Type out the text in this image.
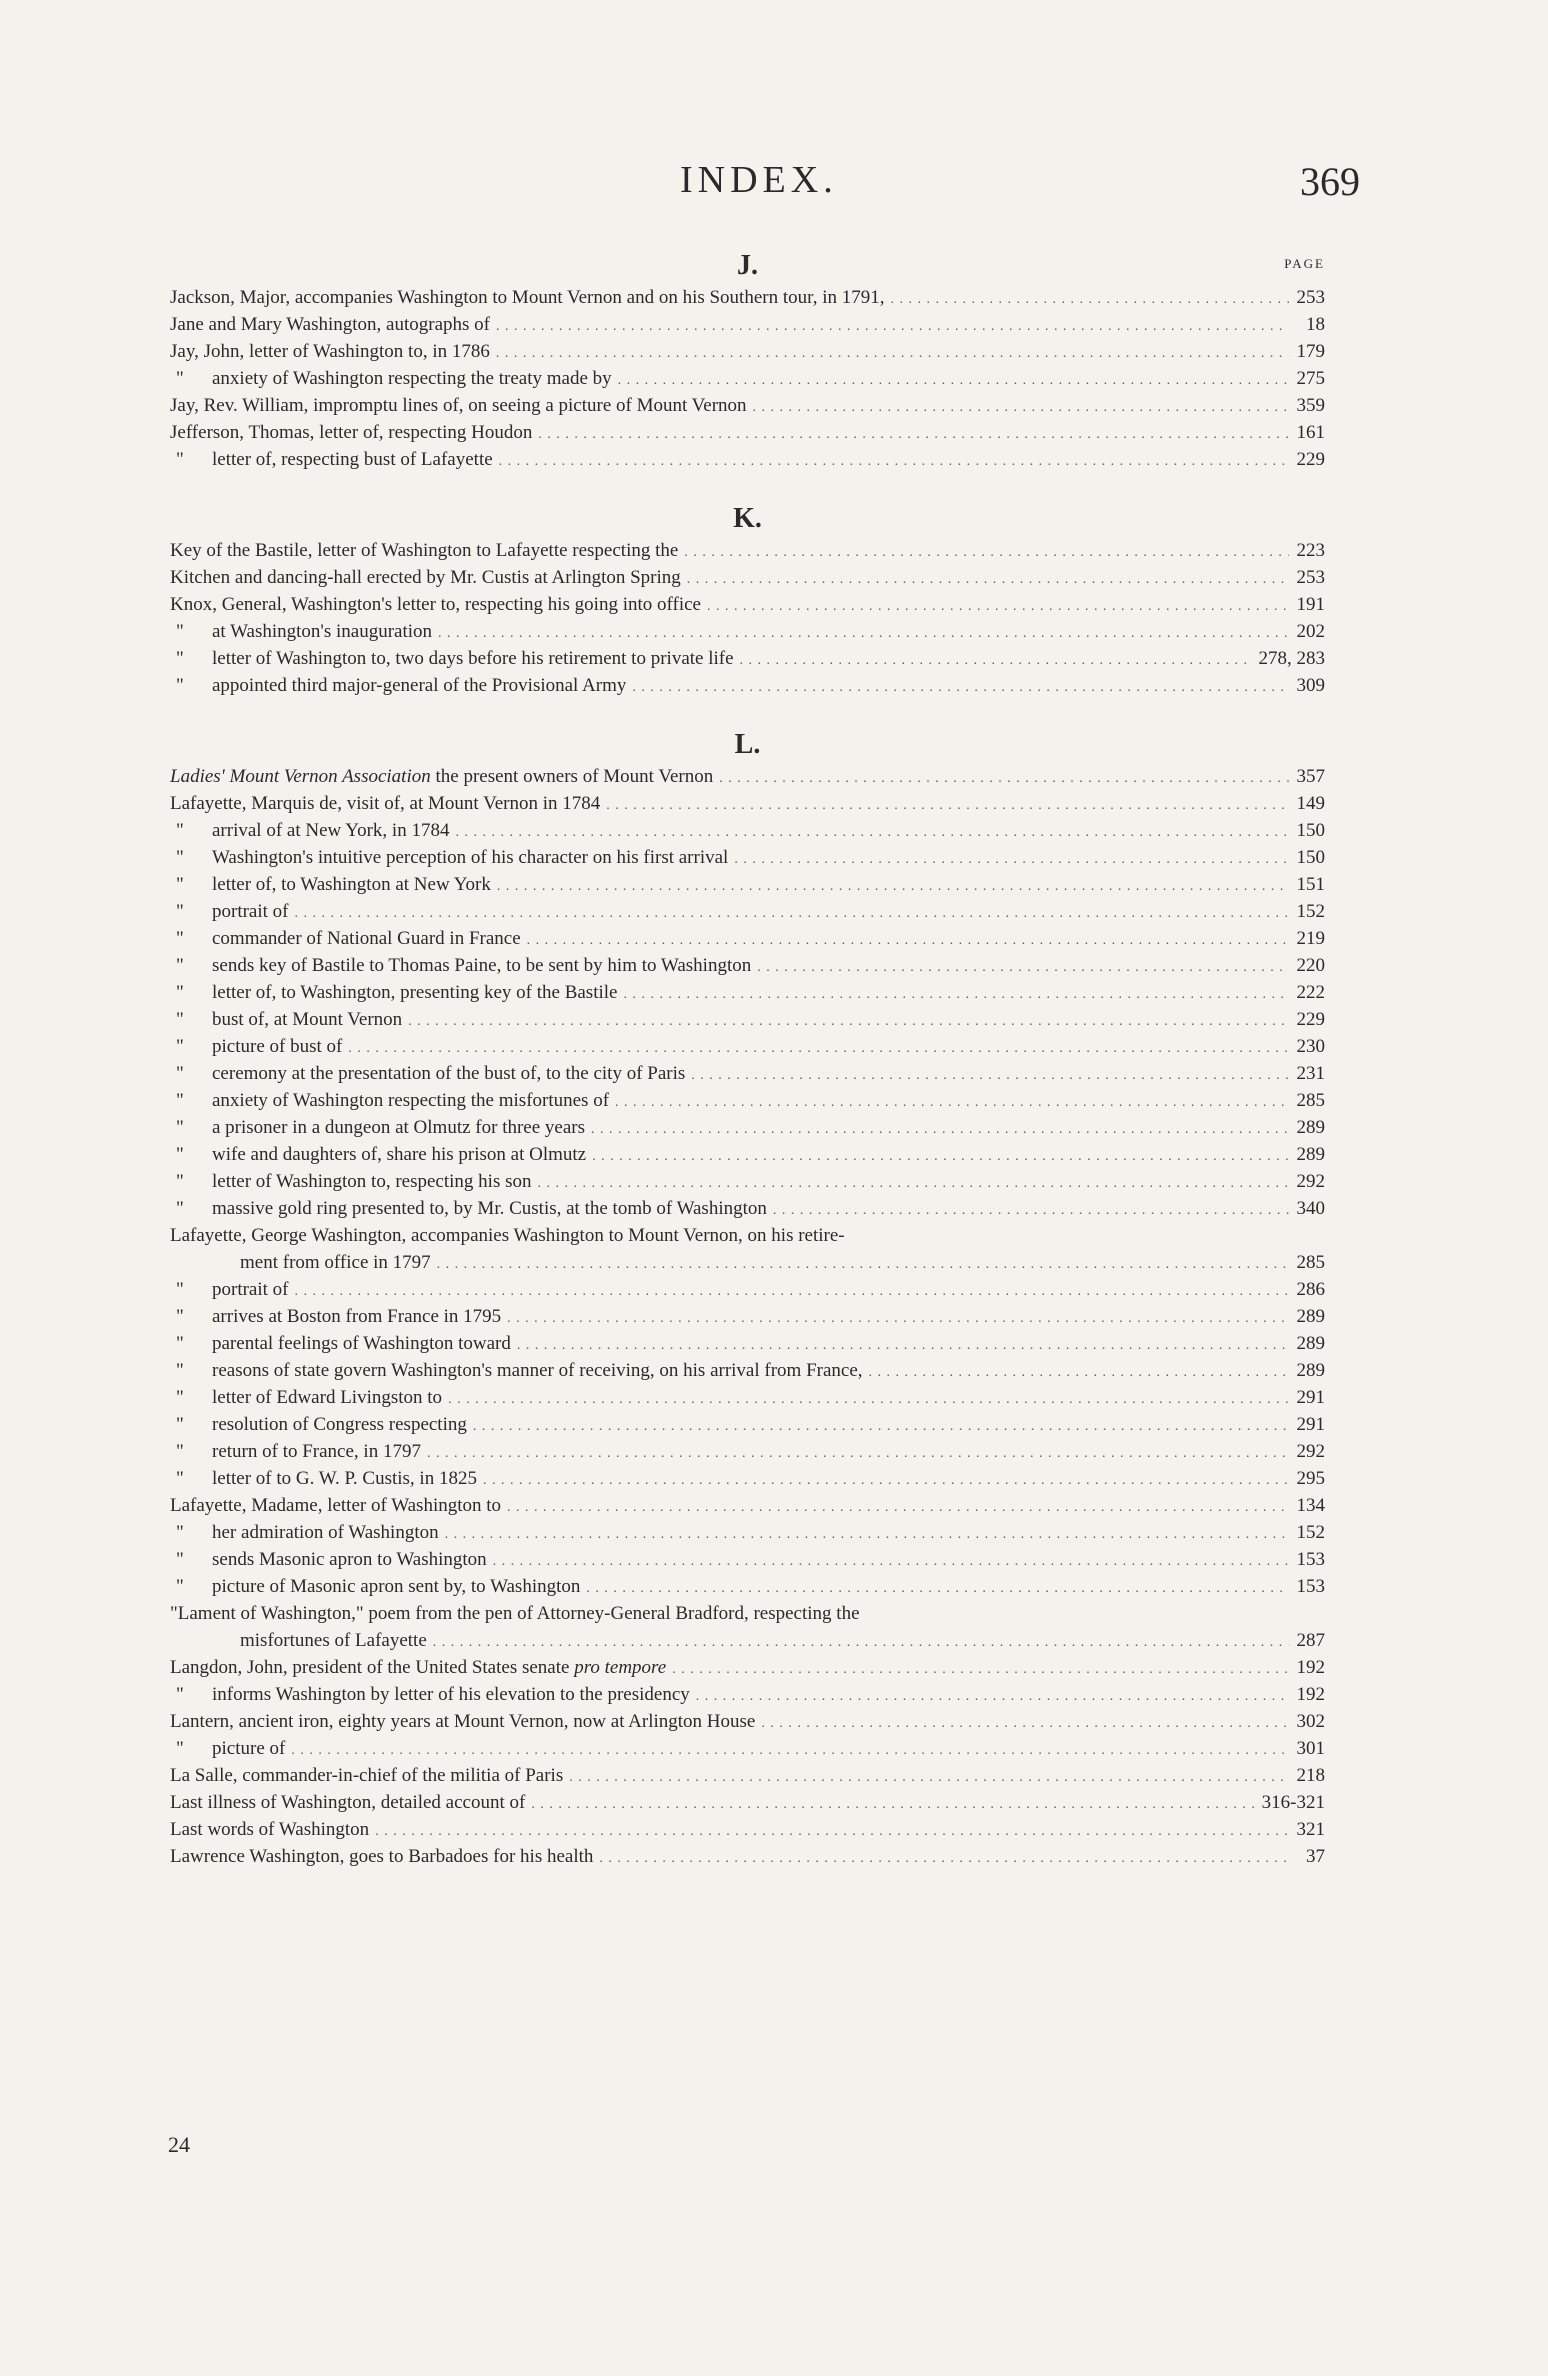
INDEX.	369
J.	PAGE
Jackson, Major, accompanies Washington to Mount Vernon and on his Southern tour, in 1791, . . .	253
Jane and Mary Washington, autographs of . . .	18
Jay, John, letter of Washington to, in 1786 . . .	179
" anxiety of Washington respecting the treaty made by . . .	275
Jay, Rev. William, impromptu lines of, on seeing a picture of Mount Vernon . . .	359
Jefferson, Thomas, letter of, respecting Houdon . . .	161
" letter of, respecting bust of Lafayette . . .	229
K.
Key of the Bastile, letter of Washington to Lafayette respecting the . . .	223
Kitchen and dancing-hall erected by Mr. Custis at Arlington Spring . . .	253
Knox, General, Washington's letter to, respecting his going into office . . .	191
" at Washington's inauguration . . .	202
" letter of Washington to, two days before his retirement to private life . . .	278, 283
" appointed third major-general of the Provisional Army . . .	309
L.
Ladies' Mount Vernon Association the present owners of Mount Vernon . . .	357
Lafayette, Marquis de, visit of, at Mount Vernon in 1784 . . .	149
" arrival of at New York, in 1784 . . .	150
" Washington's intuitive perception of his character on his first arrival . . .	150
" letter of, to Washington at New York . . .	151
" portrait of . . .	152
" commander of National Guard in France . . .	219
" sends key of Bastile to Thomas Paine, to be sent by him to Washington . . .	220
" letter of, to Washington, presenting key of the Bastile . . .	222
" bust of, at Mount Vernon . . .	229
" picture of bust of . . .	230
" ceremony at the presentation of the bust of, to the city of Paris . . .	231
" anxiety of Washington respecting the misfortunes of . . .	285
" a prisoner in a dungeon at Olmutz for three years . . .	289
" wife and daughters of, share his prison at Olmutz . . .	289
" letter of Washington to, respecting his son . . .	292
" massive gold ring presented to, by Mr. Custis, at the tomb of Washington . . .	340
Lafayette, George Washington, accompanies Washington to Mount Vernon, on his retire-
ment from office in 1797 . . .	285
" portrait of . . .	286
" arrives at Boston from France in 1795 . . .	289
" parental feelings of Washington toward . . .	289
" reasons of state govern Washington's manner of receiving, on his arrival from France, . . .	289
" letter of Edward Livingston to . . .	291
" resolution of Congress respecting . . .	291
" return of to France, in 1797 . . .	292
" letter of to G. W. P. Custis, in 1825 . . .	295
Lafayette, Madame, letter of Washington to . . .	134
" her admiration of Washington . . .	152
" sends Masonic apron to Washington . . .	153
" picture of Masonic apron sent by, to Washington . . .	153
"Lament of Washington," poem from the pen of Attorney-General Bradford, respecting the
misfortunes of Lafayette . . .	287
Langdon, John, president of the United States senate pro tempore . . .	192
" informs Washington by letter of his elevation to the presidency . . .	192
Lantern, ancient iron, eighty years at Mount Vernon, now at Arlington House . . .	302
" picture of . . .	301
La Salle, commander-in-chief of the militia of Paris . . .	218
Last illness of Washington, detailed account of . . .	316-321
Last words of Washington . . .	321
Lawrence Washington, goes to Barbadoes for his health . . .	37
24
